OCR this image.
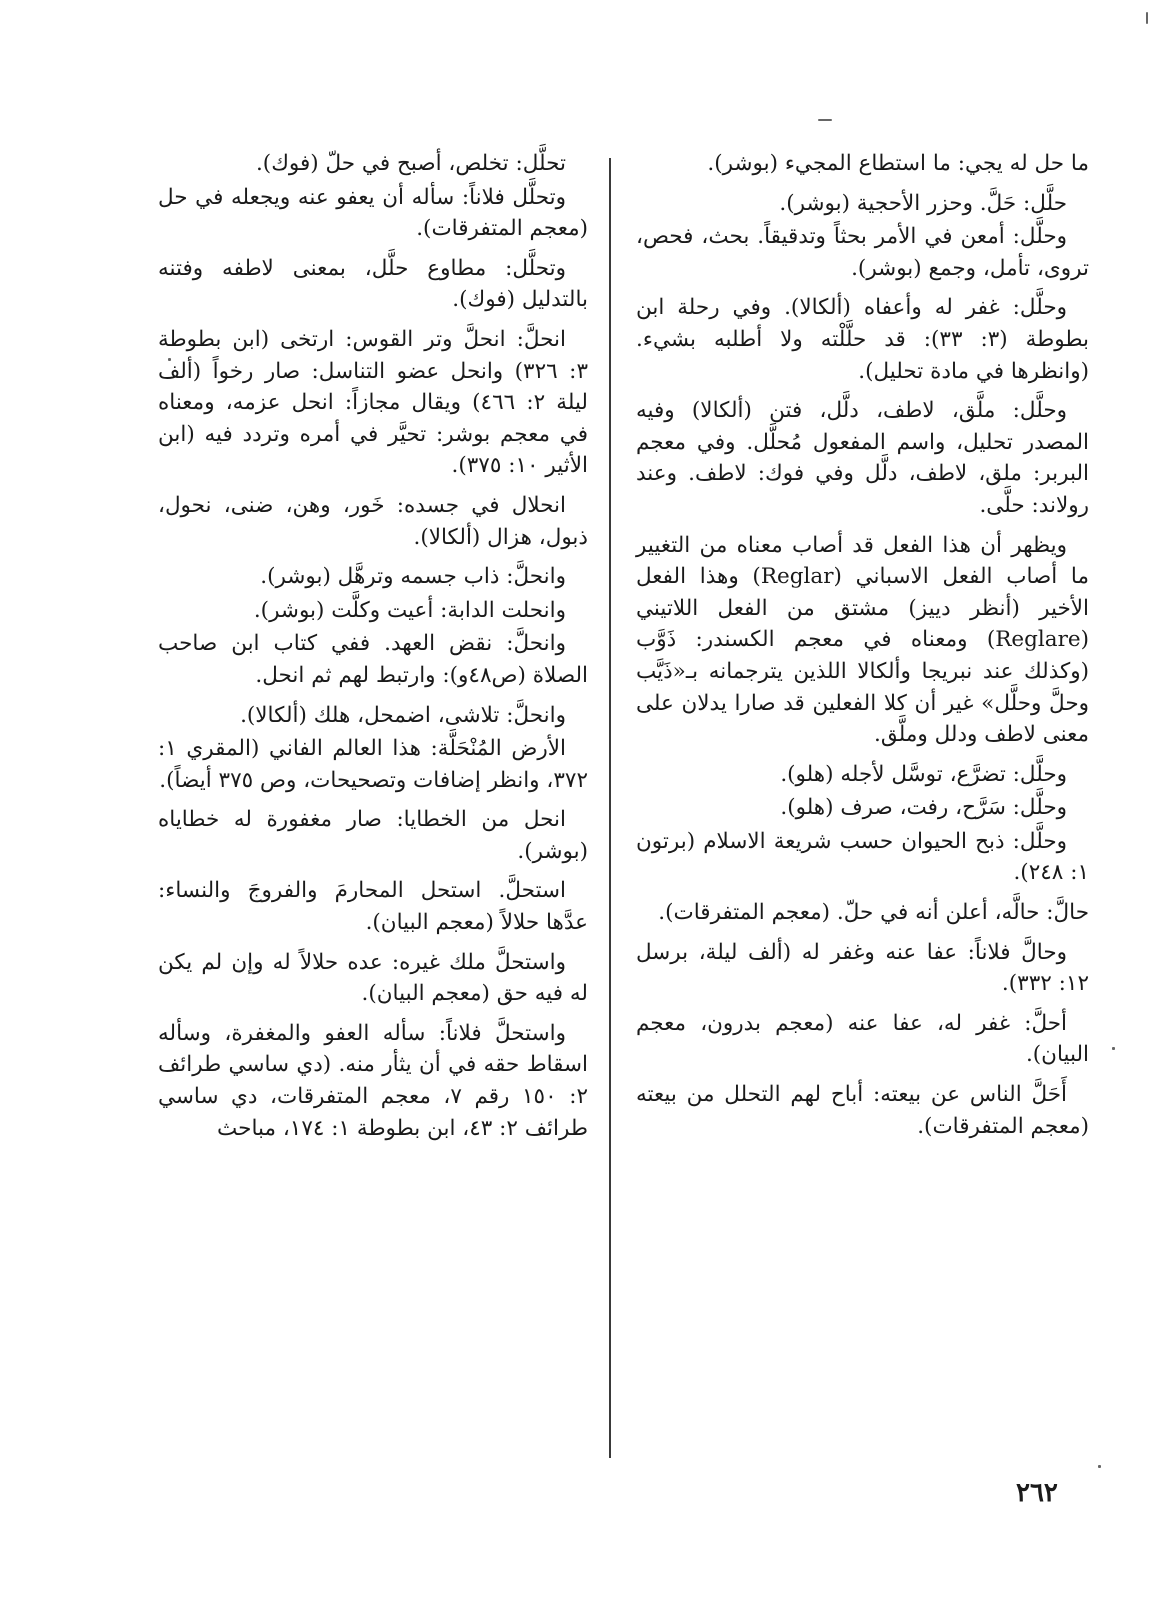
ما حل له يجي: ما استطاع المجيء (بوشر).

حلَّل: حَلَّ. وحزر الأحجية (بوشر).

وحلَّل: أمعن في الأمر بحثاً وتدقيقاً. بحث، فحص، تروى، تأمل، وجمع (بوشر).

وحلَّل: غفر له وأعفاه (ألكالا). وفي رحلة ابن بطوطة (٣: ٣٣): قد حلَّلْته ولا أطلبه بشيء. (وانظرها في مادة تحليل).

وحلَّل: ملَّق، لاطف، دلَّل، فتن (ألكالا) وفيه المصدر تحليل، واسم المفعول مُحلَّل. وفي معجم البربر: ملق، لاطف، دلَّل وفي فوك: لاطف. وعند رولاند: حلَّى.

ويظهر أن هذا الفعل قد أصاب معناه من التغيير ما أصاب الفعل الاسباني (Reglar) وهذا الفعل الأخير (أنظر دييز) مشتق من الفعل اللاتيني (Reglare) ومعناه في معجم الكسندر: ذَوَّب (وكذلك عند نبريجا وألكالا اللذين يترجمانه بـ«ذَيَّب وحلَّ وحلَّل» غير أن كلا الفعلين قد صارا يدلان على معنى لاطف ودلل وملَّق.

وحلَّل: تضرَّع، توسَّل لأجله (هلو).

وحلَّل: سَرَّح، رفت، صرف (هلو).

وحلَّل: ذبح الحيوان حسب شريعة الاسلام (برتون ١: ٢٤٨).

حالَّ: حالَّه، أعلن أنه في حلّ. (معجم المتفرقات).

وحالَّ فلاناً: عفا عنه وغفر له (ألف ليلة، برسل ١٢: ٣٣٢).

أحلَّ: غفر له، عفا عنه (معجم بدرون، معجم البيان).

أَحَلَّ الناس عن بيعته: أباح لهم التحلل من بيعته (معجم المتفرقات).

تحلَّل: تخلص، أصبح في حلّ (فوك).

وتحلَّل فلاناً: سأله أن يعفو عنه ويجعله في حل (معجم المتفرقات).

وتحلَّل: مطاوع حلَّل، بمعنى لاطفه وفتنه بالتدليل (فوك).

انحلَّ: انحلَّ وتر القوس: ارتخى (ابن بطوطة ٣: ٣٢٦) وانحل عضو التناسل: صار رخواً (ألف ليلة ٢: ٤٦٦) ويقال مجازاً: انحل عزمه، ومعناه في معجم بوشر: تحيَّر في أمره وتردد فيه (ابن الأثير ١٠: ٣٧٥).

انحلال في جسده: خَور، وهن، ضنى، نحول، ذبول، هزال (ألكالا).

وانحلَّ: ذاب جسمه وترهَّل (بوشر).

وانحلت الدابة: أعيت وكلَّت (بوشر).

وانحلَّ: نقض العهد. ففي كتاب ابن صاحب الصلاة (ص٤٨و): وارتبط لهم ثم انحل.

وانحلَّ: تلاشى، اضمحل، هلك (ألكالا).

الأرض المُنْحَلَّة: هذا العالم الفاني (المقري ١: ٣٧٢، وانظر إضافات وتصحيحات، وص ٣٧٥ أيضاً).

انحل من الخطايا: صار مغفورة له خطاياه (بوشر).

استحلَّ. استحل المحارمَ والفروجَ والنساء: عدَّها حلالاً (معجم البيان).

واستحلَّ ملك غيره: عده حلالاً له وإن لم يكن له فيه حق (معجم البيان).

واستحلَّ فلاناً: سأله العفو والمغفرة، وسأله اسقاط حقه في أن يثأر منه. (دي ساسي طرائف ٢: ١٥٠ رقم ٧، معجم المتفرقات، دي ساسي طرائف ٢: ٤٣، ابن بطوطة ١: ١٧٤، مباحث

٢٦٢
